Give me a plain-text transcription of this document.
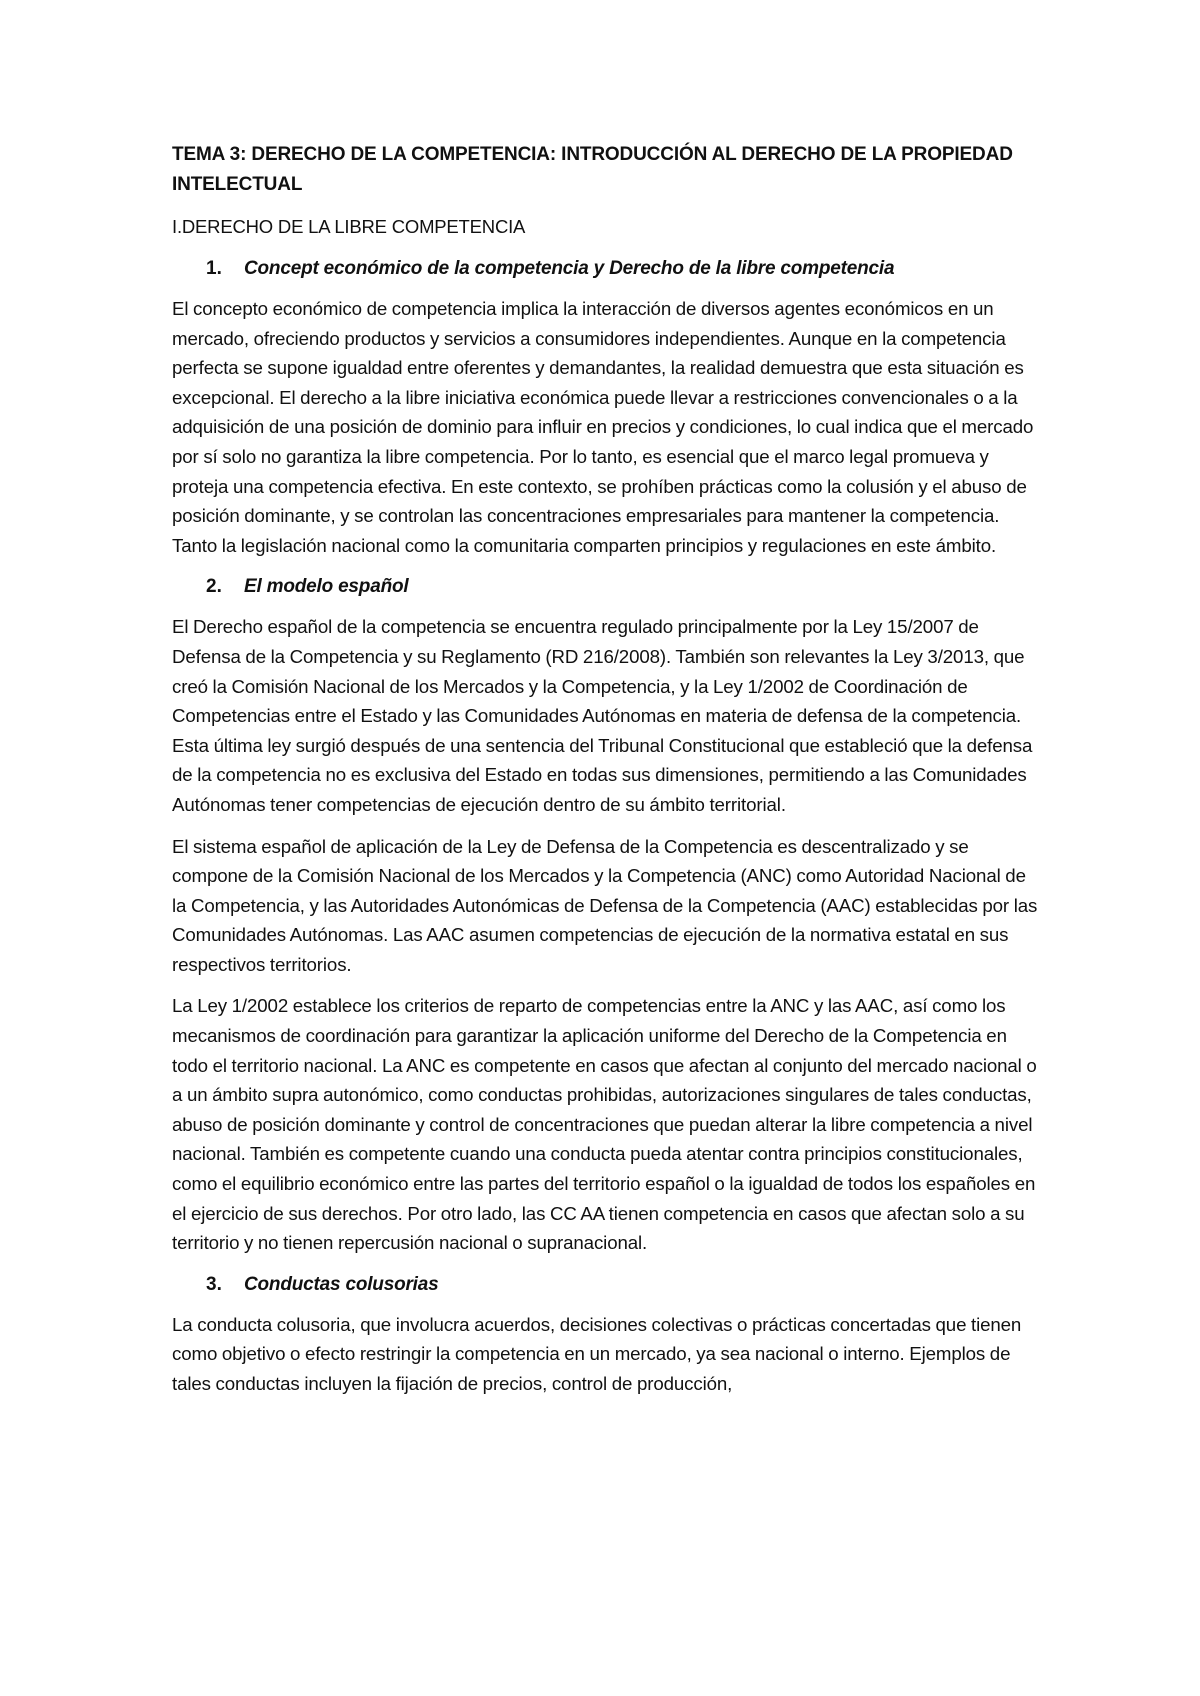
TEMA 3: DERECHO DE LA COMPETENCIA: INTRODUCCIÓN AL DERECHO DE LA PROPIEDAD INTELECTUAL
I.DERECHO DE LA LIBRE COMPETENCIA
1.	Concept económico de la competencia y Derecho de la libre competencia

El concepto económico de competencia implica la interacción de diversos agentes económicos en un mercado, ofreciendo productos y servicios a consumidores independientes. Aunque en la competencia perfecta se supone igualdad entre oferentes y demandantes, la realidad demuestra que esta situación es excepcional. El derecho a la libre iniciativa económica puede llevar a restricciones convencionales o a la adquisición de una posición de dominio para influir en precios y condiciones, lo cual indica que el mercado por sí solo no garantiza la libre competencia. Por lo tanto, es esencial que el marco legal promueva y proteja una competencia efectiva. En este contexto, se prohíben prácticas como la colusión y el abuso de posición dominante, y se controlan las concentraciones empresariales para mantener la competencia. Tanto la legislación nacional como la comunitaria comparten principios y regulaciones en este ámbito.

2.	El modelo español

El Derecho español de la competencia se encuentra regulado principalmente por la Ley 15/2007 de Defensa de la Competencia y su Reglamento (RD 216/2008). También son relevantes la Ley 3/2013, que creó la Comisión Nacional de los Mercados y la Competencia, y la Ley 1/2002 de Coordinación de Competencias entre el Estado y las Comunidades Autónomas en materia de defensa de la competencia. Esta última ley surgió después de una sentencia del Tribunal Constitucional que estableció que la defensa de la competencia no es exclusiva del Estado en todas sus dimensiones, permitiendo a las Comunidades Autónomas tener competencias de ejecución dentro de su ámbito territorial.

El sistema español de aplicación de la Ley de Defensa de la Competencia es descentralizado y se compone de la Comisión Nacional de los Mercados y la Competencia (ANC) como Autoridad Nacional de la Competencia, y las Autoridades Autonómicas de Defensa de la Competencia (AAC) establecidas por las Comunidades Autónomas. Las AAC asumen competencias de ejecución de la normativa estatal en sus respectivos territorios.

La Ley 1/2002 establece los criterios de reparto de competencias entre la ANC y las AAC, así como los mecanismos de coordinación para garantizar la aplicación uniforme del Derecho de la Competencia en todo el territorio nacional. La ANC es competente en casos que afectan al conjunto del mercado nacional o a un ámbito supra autonómico, como conductas prohibidas, autorizaciones singulares de tales conductas, abuso de posición dominante y control de concentraciones que puedan alterar la libre competencia a nivel nacional. También es competente cuando una conducta pueda atentar contra principios constitucionales, como el equilibrio económico entre las partes del territorio español o la igualdad de todos los españoles en el ejercicio de sus derechos. Por otro lado, las CC AA tienen competencia en casos que afectan solo a su territorio y no tienen repercusión nacional o supranacional.

3.	Conductas colusorias

La conducta colusoria, que involucra acuerdos, decisiones colectivas o prácticas concertadas que tienen como objetivo o efecto restringir la competencia en un mercado, ya sea nacional o interno. Ejemplos de tales conductas incluyen la fijación de precios, control de producción,
